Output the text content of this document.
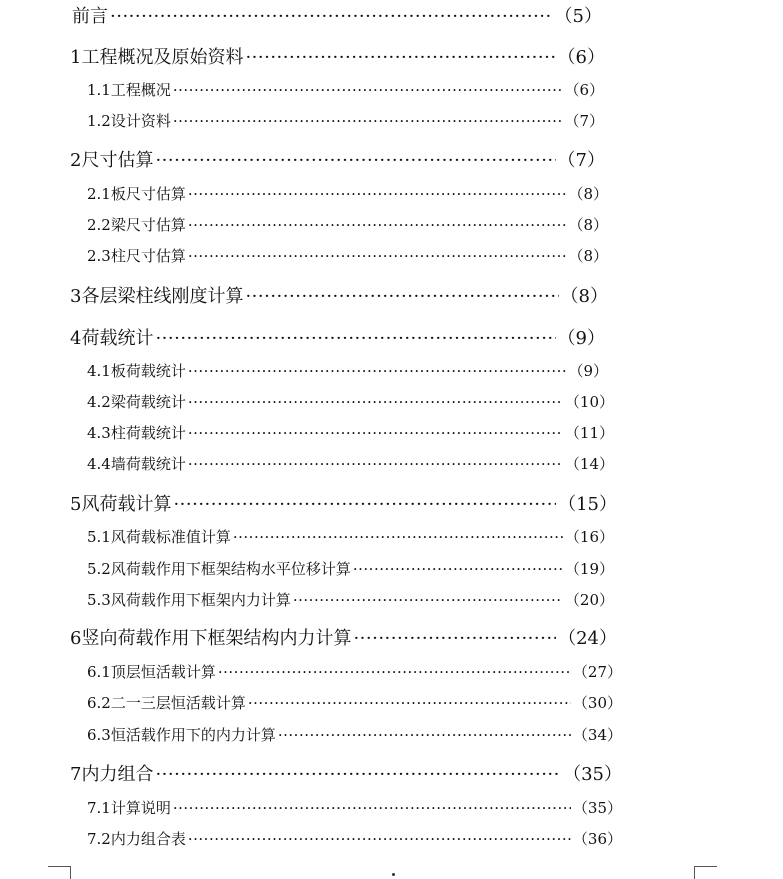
前言 ·····	（5）
1 工程概况及原始资料 ·····	（6）
1.1 工程概况 ·····	（6）
1.2 设计资料 ·····	（7）
2 尺寸估算 ·····	（7）
2.1 板尺寸估算 ·····	（8）
2.2 梁尺寸估算 ·····	（8）
2.3 柱尺寸估算 ·····	（8）
3 各层梁柱线刚度计算 ·····	（8）
4 荷载统计 ·····	（9）
4.1 板荷载统计 ·····	（9）
4.2 梁荷载统计 ·····	（10）
4.3 柱荷载统计 ·····	（11）
4.4 墙荷载统计 ·····	（14）
5 风荷载计算 ·····	（15）
5.1 风荷载标准值计算 ·····	（16）
5.2 风荷载作用下框架结构水平位移计算 ·····	（19）
5.3 风荷载作用下框架内力计算 ·····	（20）
6 竖向荷载作用下框架结构内力计算 ·····	（24）
6.1 顶层恒活载计算 ·····	（27）
6.2 二一三层恒活载计算 ·····	（30）
6.3 恒活载作用下的内力计算 ·····	（34）
7 内力组合 ·····	（35）
7.1 计算说明 ·····	（35）
7.2 内力组合表 ·····	（36）
